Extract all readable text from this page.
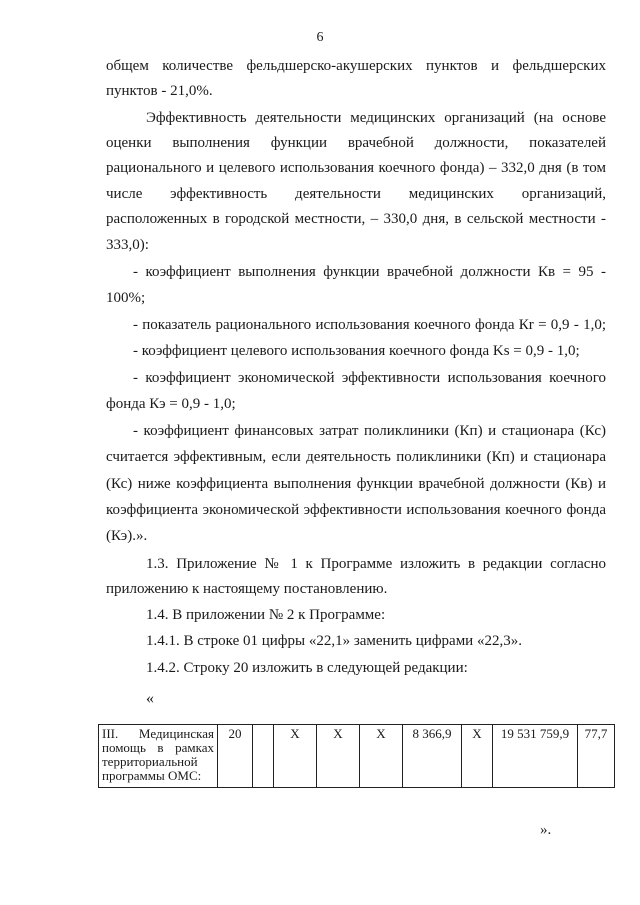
6
общем количестве фельдшерско-акушерских пунктов и фельдшерских
пунктов - 21,0%.
Эффективность деятельности медицинских организаций (на основе
оценки выполнения функции врачебной должности, показателей
рационального и целевого использования коечного фонда) – 332,0 дня (в том
числе эффективность деятельности медицинских организаций,
расположенных в городской местности, – 330,0 дня, в сельской местности -
333,0):
- коэффициент выполнения функции врачебной должности Кв = 95 -
100%;
- показатель рационального использования коечного фонда Кr = 0,9 - 1,0;
- коэффициент целевого использования коечного фонда Ks = 0,9 - 1,0;
- коэффициент экономической эффективности использования коечного
фонда Кэ = 0,9 - 1,0;
- коэффициент финансовых затрат поликлиники (Кп) и стационара (Кс)
считается эффективным, если деятельность поликлиники (Кп) и стационара
(Кс) ниже коэффициента выполнения функции врачебной должности (Кв) и
коэффициента экономической эффективности использования коечного фонда
(Кэ).».
1.3. Приложение № 1 к Программе изложить в редакции согласно
приложению к настоящему постановлению.
1.4. В приложении № 2 к Программе:
1.4.1. В строке 01 цифры «22,1» заменить цифрами «22,3».
1.4.2. Строку 20 изложить в следующей редакции:
«
III. Медицинская помощь в рамках территориальной программы ОМС:	20		X	X	X	8 366,9	X	19 531 759,9	77,7
».
